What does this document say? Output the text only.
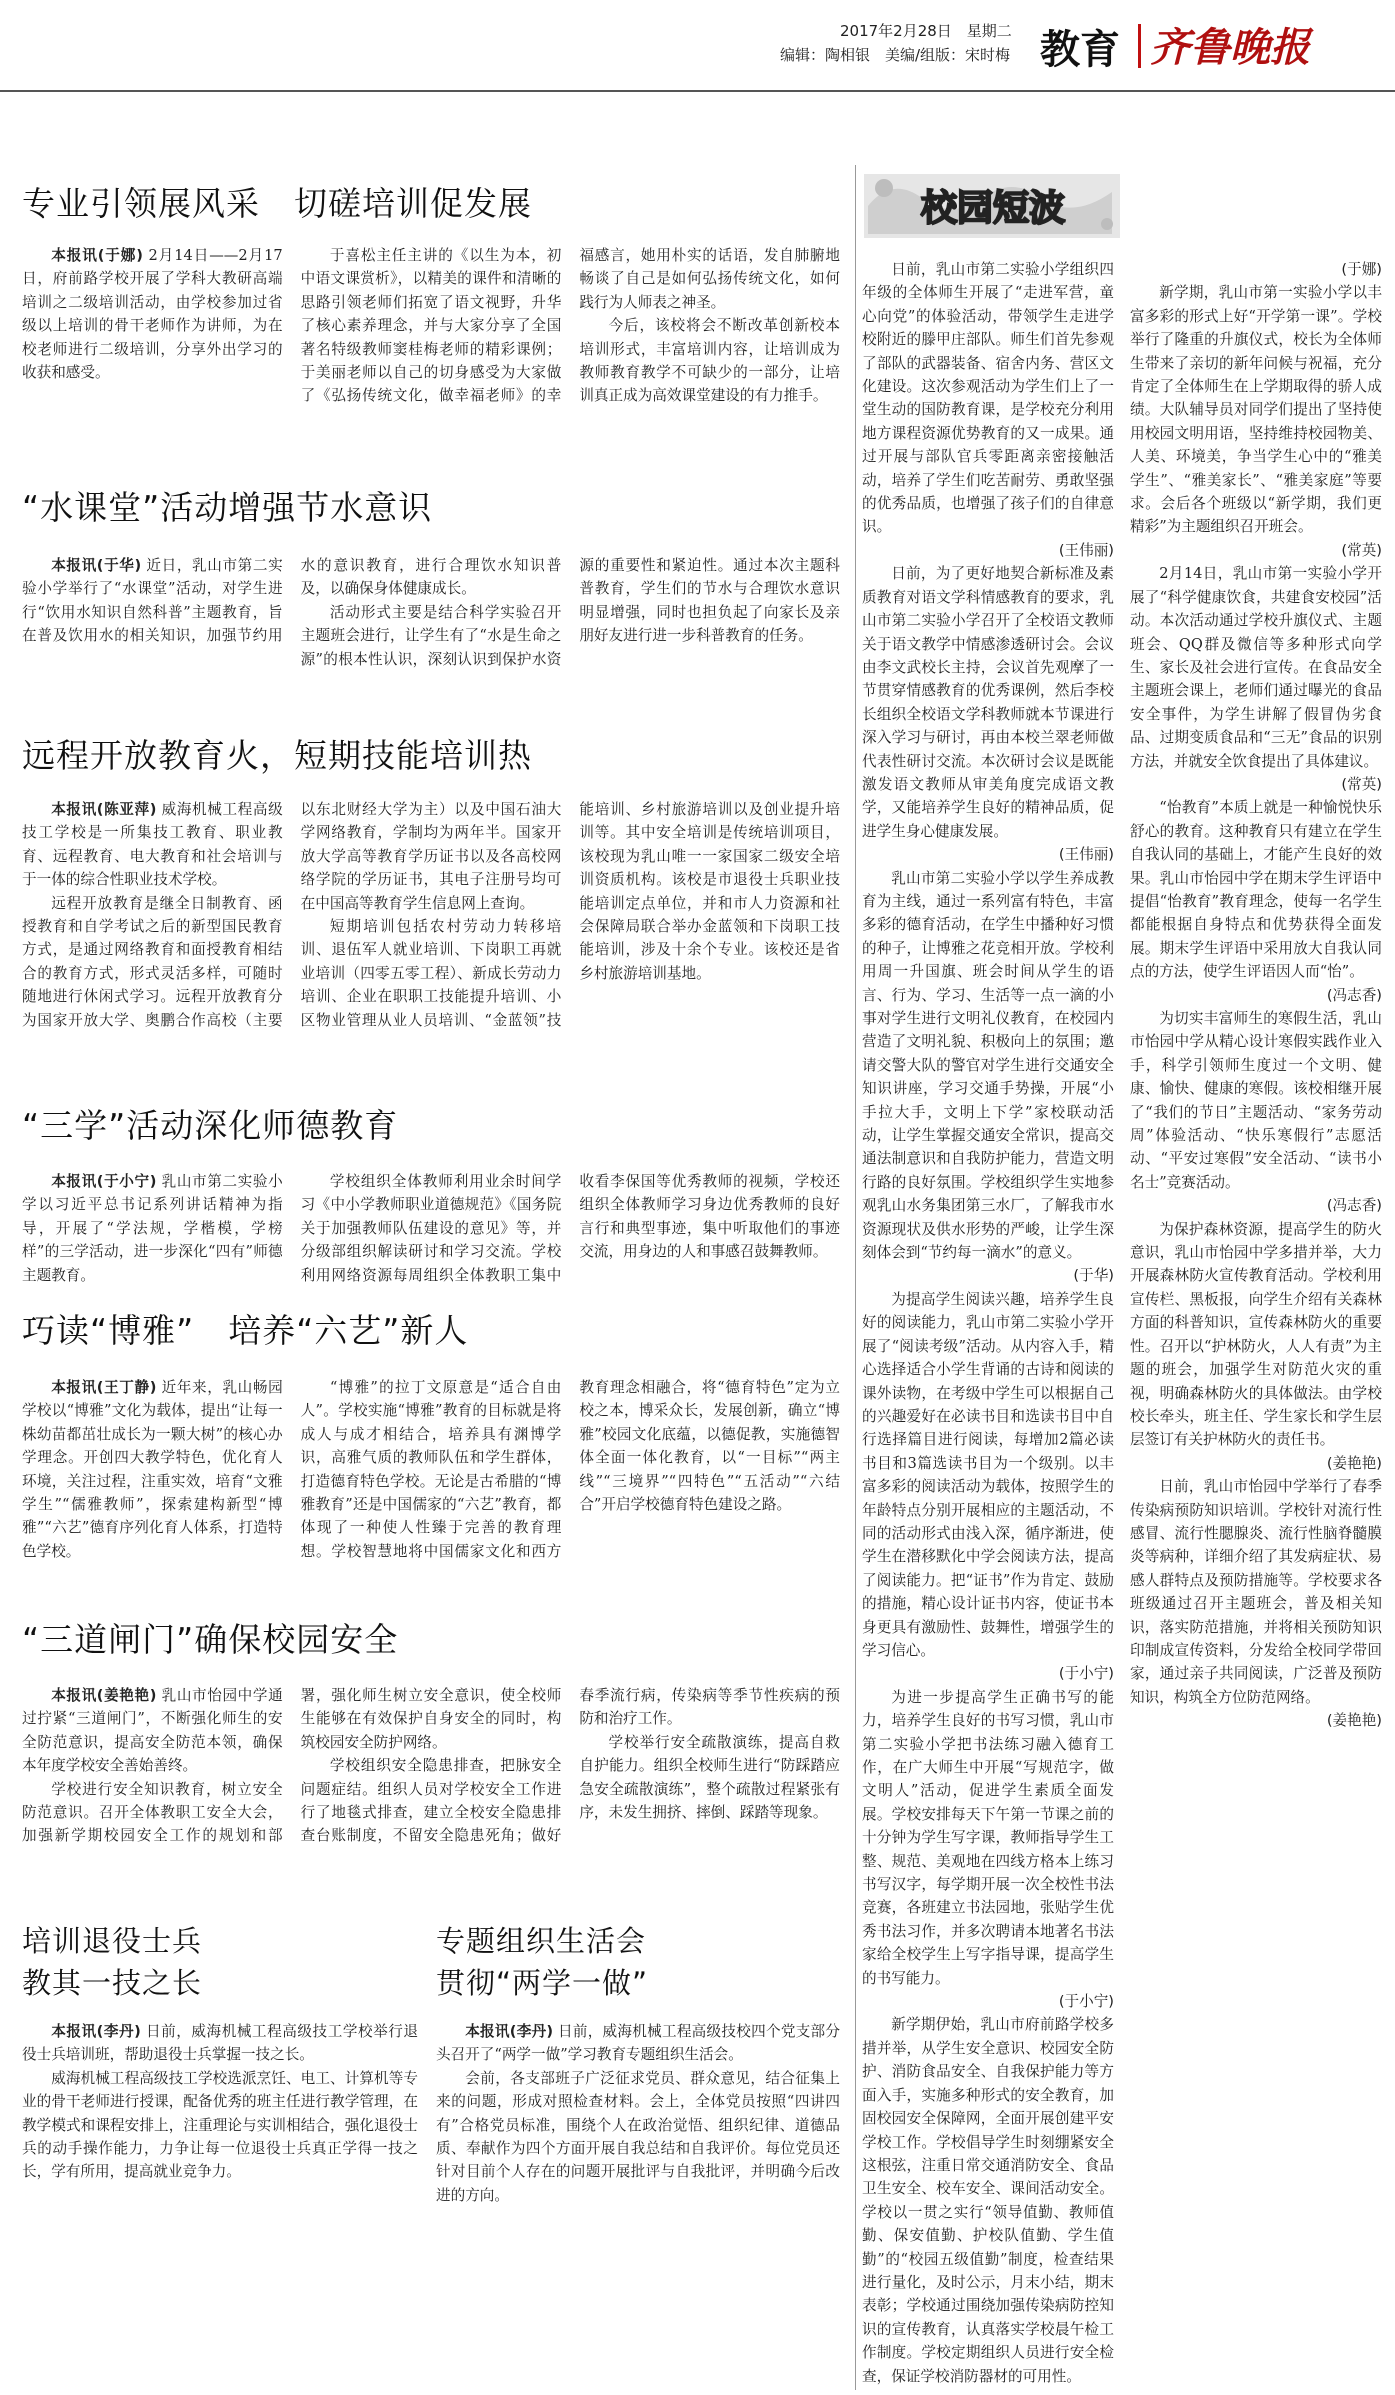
2017年2月28日　星期二
编辑：陶相银　美编/组版：宋时梅 教育 齐鲁晚报
专业引领展风采　切磋培训促发展

本报讯(于娜) 2月14日——2月17日，府前路学校开展了学科大教研高端培训之二级培训活动，由学校参加过省级以上培训的骨干老师作为讲师，为在校老师进行二级培训，分享外出学习的收获和感受。

于喜松主任主讲的《以生为本，初中语文课赏析》，以精美的课件和清晰的思路引领老师们拓宽了语文视野，升华了核心素养理念，并与大家分享了全国著名特级教师窦桂梅老师的精彩课例；于美丽老师以自己的切身感受为大家做了《弘扬传统文化，做幸福老师》的幸福感言，她用朴实的话语，发自肺腑地畅谈了自己是如何弘扬传统文化，如何践行为人师表之神圣。

今后，该校将会不断改革创新校本培训形式，丰富培训内容，让培训成为教师教育教学不可缺少的一部分，让培训真正成为高效课堂建设的有力推手。

“水课堂”活动增强节水意识

本报讯(于华) 近日，乳山市第二实验小学举行了“水课堂”活动，对学生进行“饮用水知识自然科普”主题教育，旨在普及饮用水的相关知识，加强节约用水的意识教育，进行合理饮水知识普及，以确保身体健康成长。

活动形式主要是结合科学实验召开主题班会进行，让学生有了“水是生命之源”的根本性认识，深刻认识到保护水资源的重要性和紧迫性。通过本次主题科普教育，学生们的节水与合理饮水意识明显增强，同时也担负起了向家长及亲朋好友进行进一步科普教育的任务。

远程开放教育火，短期技能培训热

本报讯(陈亚萍) 威海机械工程高级技工学校是一所集技工教育、职业教育、远程教育、电大教育和社会培训与于一体的综合性职业技术学校。

远程开放教育是继全日制教育、函授教育和自学考试之后的新型国民教育方式，是通过网络教育和面授教育相结合的教育方式，形式灵活多样，可随时随地进行休闲式学习。远程开放教育分为国家开放大学、奥鹏合作高校（主要以东北财经大学为主）以及中国石油大学网络教育，学制均为两年半。国家开放大学高等教育学历证书以及各高校网络学院的学历证书，其电子注册号均可在中国高等教育学生信息网上查询。

短期培训包括农村劳动力转移培训、退伍军人就业培训、下岗职工再就业培训（四零五零工程）、新成长劳动力培训、企业在职职工技能提升培训、小区物业管理从业人员培训、“金蓝领”技能培训、乡村旅游培训以及创业提升培训等。其中安全培训是传统培训项目，该校现为乳山唯一一家国家二级安全培训资质机构。该校是市退役士兵职业技能培训定点单位，并和市人力资源和社会保障局联合举办金蓝领和下岗职工技能培训，涉及十余个专业。该校还是省乡村旅游培训基地。

“三学”活动深化师德教育

本报讯(于小宁) 乳山市第二实验小学以习近平总书记系列讲话精神为指导，开展了“学法规，学楷模，学榜样”的三学活动，进一步深化“四有”师德主题教育。

学校组织全体教师利用业余时间学习《中小学教师职业道德规范》《国务院关于加强教师队伍建设的意见》等，并分级部组织解读研讨和学习交流。学校利用网络资源每周组织全体教职工集中收看李保国等优秀教师的视频，学校还组织全体教师学习身边优秀教师的良好言行和典型事迹，集中听取他们的事迹交流，用身边的人和事感召鼓舞教师。

巧读“博雅”　培养“六艺”新人

本报讯(王丁静) 近年来，乳山畅园学校以“博雅”文化为载体，提出“让每一株幼苗都茁壮成长为一颗大树”的核心办学理念。开创四大教学特色，优化育人环境，关注过程，注重实效，培育“文雅学生”“儒雅教师”，探索建构新型“博雅”“六艺”德育序列化育人体系，打造特色学校。

“博雅”的拉丁文原意是“适合自由人”。学校实施“博雅”教育的目标就是将成人与成才相结合，培养具有渊博学识，高雅气质的教师队伍和学生群体，打造德育特色学校。无论是古希腊的“博雅教育”还是中国儒家的“六艺”教育，都体现了一种使人性臻于完善的教育理想。学校智慧地将中国儒家文化和西方教育理念相融合，将“德育特色”定为立校之本，博采众长，发展创新，确立“博雅”校园文化底蕴，以德促教，实施德智体全面一体化教育，以“一目标”“两主线”“三境界”“四特色”“五活动”“六结合”开启学校德育特色建设之路。

“三道闸门”确保校园安全

本报讯(姜艳艳) 乳山市怡园中学通过拧紧“三道闸门”，不断强化师生的安全防范意识，提高安全防范本领，确保本年度学校安全善始善终。

学校进行安全知识教育，树立安全防范意识。召开全体教职工安全大会，加强新学期校园安全工作的规划和部署，强化师生树立安全意识，使全校师生能够在有效保护自身安全的同时，构筑校园安全防护网络。

学校组织安全隐患排查，把脉安全问题症结。组织人员对学校安全工作进行了地毯式排查，建立全校安全隐患排查台账制度，不留安全隐患死角；做好春季流行病，传染病等季节性疾病的预防和治疗工作。

学校举行安全疏散演练，提高自救自护能力。组织全校师生进行“防踩踏应急安全疏散演练”，整个疏散过程紧张有序，未发生拥挤、摔倒、踩踏等现象。

培训退役士兵
教其一技之长

本报讯(李丹) 日前，威海机械工程高级技工学校举行退役士兵培训班，帮助退役士兵掌握一技之长。

威海机械工程高级技工学校选派烹饪、电工、计算机等专业的骨干老师进行授课，配备优秀的班主任进行教学管理，在教学模式和课程安排上，注重理论与实训相结合，强化退役士兵的动手操作能力，力争让每一位退役士兵真正学得一技之长，学有所用，提高就业竞争力。

专题组织生活会
贯彻“两学一做”

本报讯(李丹) 日前，威海机械工程高级技校四个党支部分头召开了“两学一做”学习教育专题组织生活会。

会前，各支部班子广泛征求党员、群众意见，结合征集上来的问题，形成对照检查材料。会上，全体党员按照“四讲四有”合格党员标准，围绕个人在政治觉悟、组织纪律、道德品质、奉献作为四个方面开展自我总结和自我评价。每位党员还针对目前个人存在的问题开展批评与自我批评，并明确今后改进的方向。

校园短波

日前，乳山市第二实验小学组织四年级的全体师生开展了“走进军营，童心向党”的体验活动，带领学生走进学校附近的滕甲庄部队。师生们首先参观了部队的武器装备、宿舍内务、营区文化建设。这次参观活动为学生们上了一堂生动的国防教育课，是学校充分利用地方课程资源优势教育的又一成果。通过开展与部队官兵零距离亲密接触活动，培养了学生们吃苦耐劳、勇敢坚强的优秀品质，也增强了孩子们的自律意识。

(王伟丽)

日前，为了更好地契合新标准及素质教育对语文学科情感教育的要求，乳山市第二实验小学召开了全校语文教师关于语文教学中情感渗透研讨会。会议由李文武校长主持，会议首先观摩了一节贯穿情感教育的优秀课例，然后李校长组织全校语文学科教师就本节课进行深入学习与研讨，再由本校兰翠老师做代表性研讨交流。本次研讨会议是既能激发语文教师从审美角度完成语文教学，又能培养学生良好的精神品质，促进学生身心健康发展。

(王伟丽)

乳山市第二实验小学以学生养成教育为主线，通过一系列富有特色，丰富多彩的德育活动，在学生中播种好习惯的种子，让博雅之花竞相开放。学校利用周一升国旗、班会时间从学生的语言、行为、学习、生活等一点一滴的小事对学生进行文明礼仪教育，在校园内营造了文明礼貌、积极向上的氛围；邀请交警大队的警官对学生进行交通安全知识讲座，学习交通手势操，开展“小手拉大手，文明上下学”家校联动活动，让学生掌握交通安全常识，提高交通法制意识和自我防护能力，营造文明行路的良好氛围。学校组织学生实地参观乳山水务集团第三水厂，了解我市水资源现状及供水形势的严峻，让学生深刻体会到“节约每一滴水”的意义。

(于华)

为提高学生阅读兴趣，培养学生良好的阅读能力，乳山市第二实验小学开展了“阅读考级”活动。从内容入手，精心选择适合小学生背诵的古诗和阅读的课外读物，在考级中学生可以根据自己的兴趣爱好在必读书目和选读书目中自行选择篇目进行阅读，每增加2篇必读书目和3篇选读书目为一个级别。以丰富多彩的阅读活动为载体，按照学生的年龄特点分别开展相应的主题活动，不同的活动形式由浅入深，循序渐进，使学生在潜移默化中学会阅读方法，提高了阅读能力。把“证书”作为肯定、鼓励的措施，精心设计证书内容，使证书本身更具有激励性、鼓舞性，增强学生的学习信心。

(于小宁)

为进一步提高学生正确书写的能力，培养学生良好的书写习惯，乳山市第二实验小学把书法练习融入德育工作，在广大师生中开展“写规范字，做文明人”活动，促进学生素质全面发展。学校安排每天下午第一节课之前的十分钟为学生写字课，教师指导学生工整、规范、美观地在四线方格本上练习书写汉字，每学期开展一次全校性书法竞赛，各班建立书法园地，张贴学生优秀书法习作，并多次聘请本地著名书法家给全校学生上写字指导课，提高学生的书写能力。

(于小宁)

新学期伊始，乳山市府前路学校多措并举，从学生安全意识、校园安全防护、消防食品安全、自我保护能力等方面入手，实施多种形式的安全教育，加固校园安全保障网，全面开展创建平安学校工作。学校倡导学生时刻绷紧安全这根弦，注重日常交通消防安全、食品卫生安全、校车安全、课间活动安全。学校以一贯之实行“领导值勤、教师值勤、保安值勤、护校队值勤、学生值勤”的“校园五级值勤”制度，检查结果进行量化，及时公示，月末小结，期末表彰；学校通过围绕加强传染病防控知识的宣传教育，认真落实学校晨午检工作制度。学校定期组织人员进行安全检查，保证学校消防器材的可用性。

(于娜)

新学期，乳山市第一实验小学以丰富多彩的形式上好“开学第一课”。学校举行了隆重的升旗仪式，校长为全体师生带来了亲切的新年问候与祝福，充分肯定了全体师生在上学期取得的骄人成绩。大队辅导员对同学们提出了坚持使用校园文明用语，坚持维持校园物美、人美、环境美，争当学生心中的“雅美学生”、“雅美家长”、“雅美家庭”等要求。会后各个班级以“新学期，我们更精彩”为主题组织召开班会。

(常英)

2月14日，乳山市第一实验小学开展了“科学健康饮食，共建食安校园”活动。本次活动通过学校升旗仪式、主题班会、QQ群及微信等多种形式向学生、家长及社会进行宣传。在食品安全主题班会课上，老师们通过曝光的食品安全事件，为学生讲解了假冒伪劣食品、过期变质食品和“三无”食品的识别方法，并就安全饮食提出了具体建议。

(常英)

“怡教育”本质上就是一种愉悦快乐舒心的教育。这种教育只有建立在学生自我认同的基础上，才能产生良好的效果。乳山市怡园中学在期末学生评语中提倡“怡教育”教育理念，使每一名学生都能根据自身特点和优势获得全面发展。期末学生评语中采用放大自我认同点的方法，使学生评语因人而“怡”。

(冯志香)

为切实丰富师生的寒假生活，乳山市怡园中学从精心设计寒假实践作业入手，科学引领师生度过一个文明、健康、愉快、健康的寒假。该校相继开展了“我们的节日”主题活动、“家务劳动周”体验活动、“快乐寒假行”志愿活动、“平安过寒假”安全活动、“读书小名士”竞赛活动。

(冯志香)

为保护森林资源，提高学生的防火意识，乳山市怡园中学多措并举，大力开展森林防火宣传教育活动。学校利用宣传栏、黑板报，向学生介绍有关森林方面的科普知识，宣传森林防火的重要性。召开以“护林防火，人人有责”为主题的班会，加强学生对防范火灾的重视，明确森林防火的具体做法。由学校校长牵头，班主任、学生家长和学生层层签订有关护林防火的责任书。

(姜艳艳)

日前，乳山市怡园中学举行了春季传染病预防知识培训。学校针对流行性感冒、流行性腮腺炎、流行性脑脊髓膜炎等病种，详细介绍了其发病症状、易感人群特点及预防措施等。学校要求各班级通过召开主题班会，普及相关知识，落实防范措施，并将相关预防知识印制成宣传资料，分发给全校同学带回家，通过亲子共同阅读，广泛普及预防知识，构筑全方位防范网络。

(姜艳艳)
